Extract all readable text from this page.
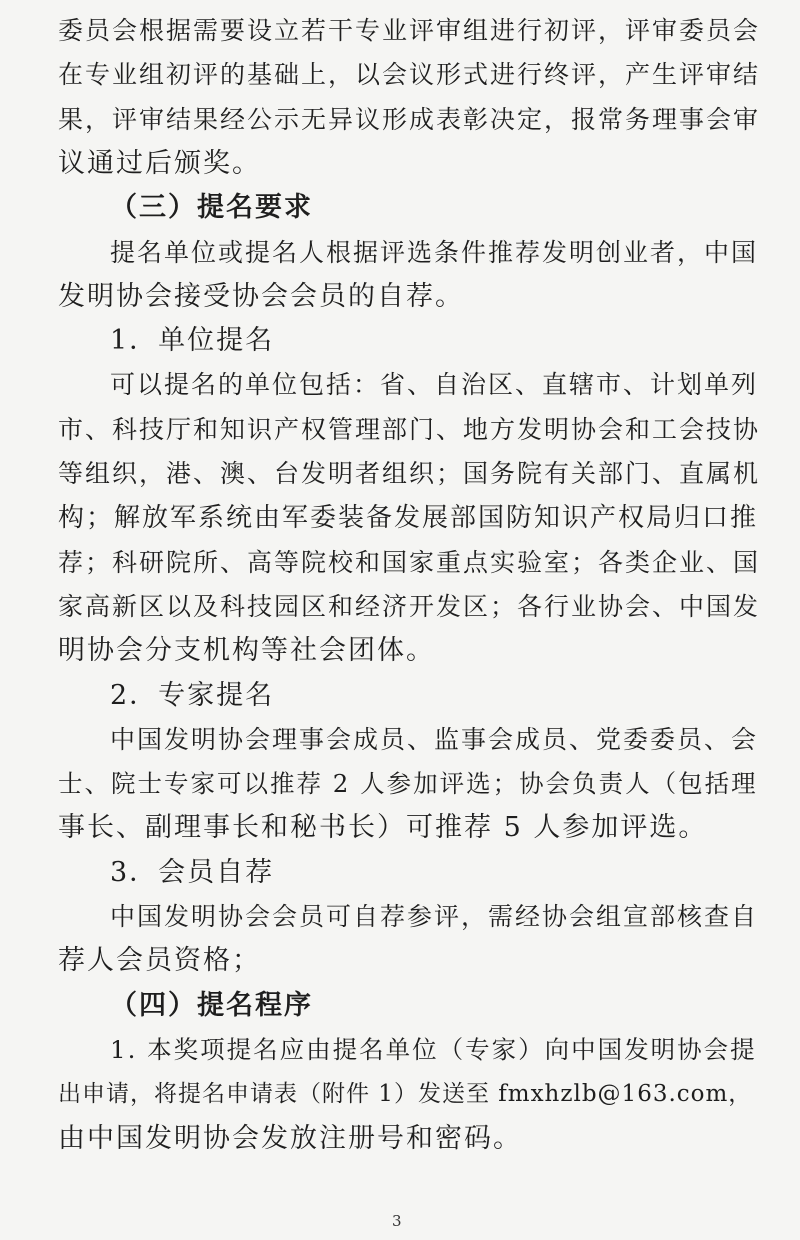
委员会根据需要设立若干专业评审组进行初评，评审委员会
在专业组初评的基础上，以会议形式进行终评，产生评审结
果，评审结果经公示无异议形成表彰决定，报常务理事会审
议通过后颁奖。
（三）提名要求
提名单位或提名人根据评选条件推荐发明创业者，中国
发明协会接受协会会员的自荐。
1．单位提名
可以提名的单位包括：省、自治区、直辖市、计划单列
市、科技厅和知识产权管理部门、地方发明协会和工会技协
等组织，港、澳、台发明者组织；国务院有关部门、直属机
构；解放军系统由军委装备发展部国防知识产权局归口推
荐；科研院所、高等院校和国家重点实验室；各类企业、国
家高新区以及科技园区和经济开发区；各行业协会、中国发
明协会分支机构等社会团体。
2．专家提名
中国发明协会理事会成员、监事会成员、党委委员、会
士、院士专家可以推荐 2 人参加评选；协会负责人（包括理
事长、副理事长和秘书长）可推荐 5 人参加评选。
3．会员自荐
中国发明协会会员可自荐参评，需经协会组宣部核查自
荐人会员资格；
（四）提名程序
1. 本奖项提名应由提名单位（专家）向中国发明协会提
出申请，将提名申请表（附件 1）发送至 fmxhzlb@163.com，
由中国发明协会发放注册号和密码。
3
